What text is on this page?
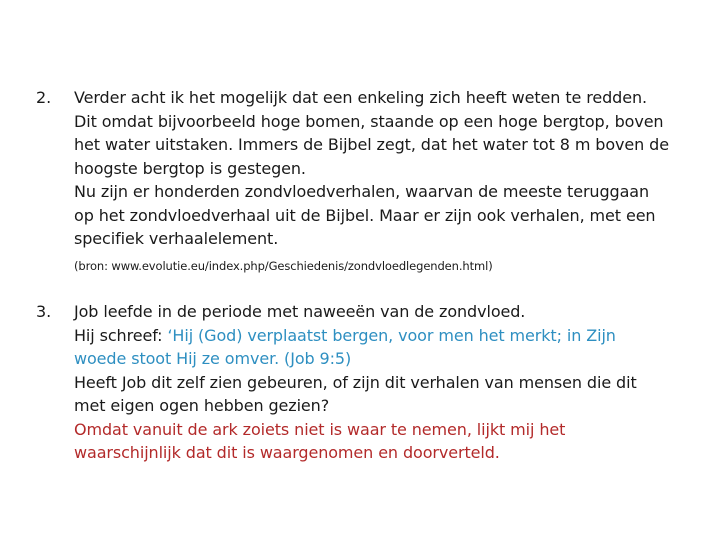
2. Verder acht ik het mogelijk dat een enkeling zich heeft weten te redden.
Dit omdat bijvoorbeeld hoge bomen, staande op een hoge bergtop, boven
het water uitstaken. Immers de Bijbel zegt, dat het water tot 8 m boven de
hoogste bergtop is gestegen.
Nu zijn er honderden zondvloedverhalen, waarvan de meeste teruggaan
op het zondvloedverhaal uit de Bijbel. Maar er zijn ook verhalen, met een
specifiek verhaalelement.
(bron: www.evolutie.eu/index.php/Geschiedenis/zondvloedlegenden.html)
3. Job leefde in de periode met naweeën van de zondvloed.
Hij schreef: ‘Hij (God) verplaatst bergen, voor men het merkt; in Zijn
woede stoot Hij ze omver. (Job 9:5)
Heeft Job dit zelf zien gebeuren, of zijn dit verhalen van mensen die dit
met eigen ogen hebben gezien?
Omdat vanuit de ark zoiets niet is waar te nemen, lijkt mij het
waarschijnlijk dat dit is waargenomen en doorverteld.
